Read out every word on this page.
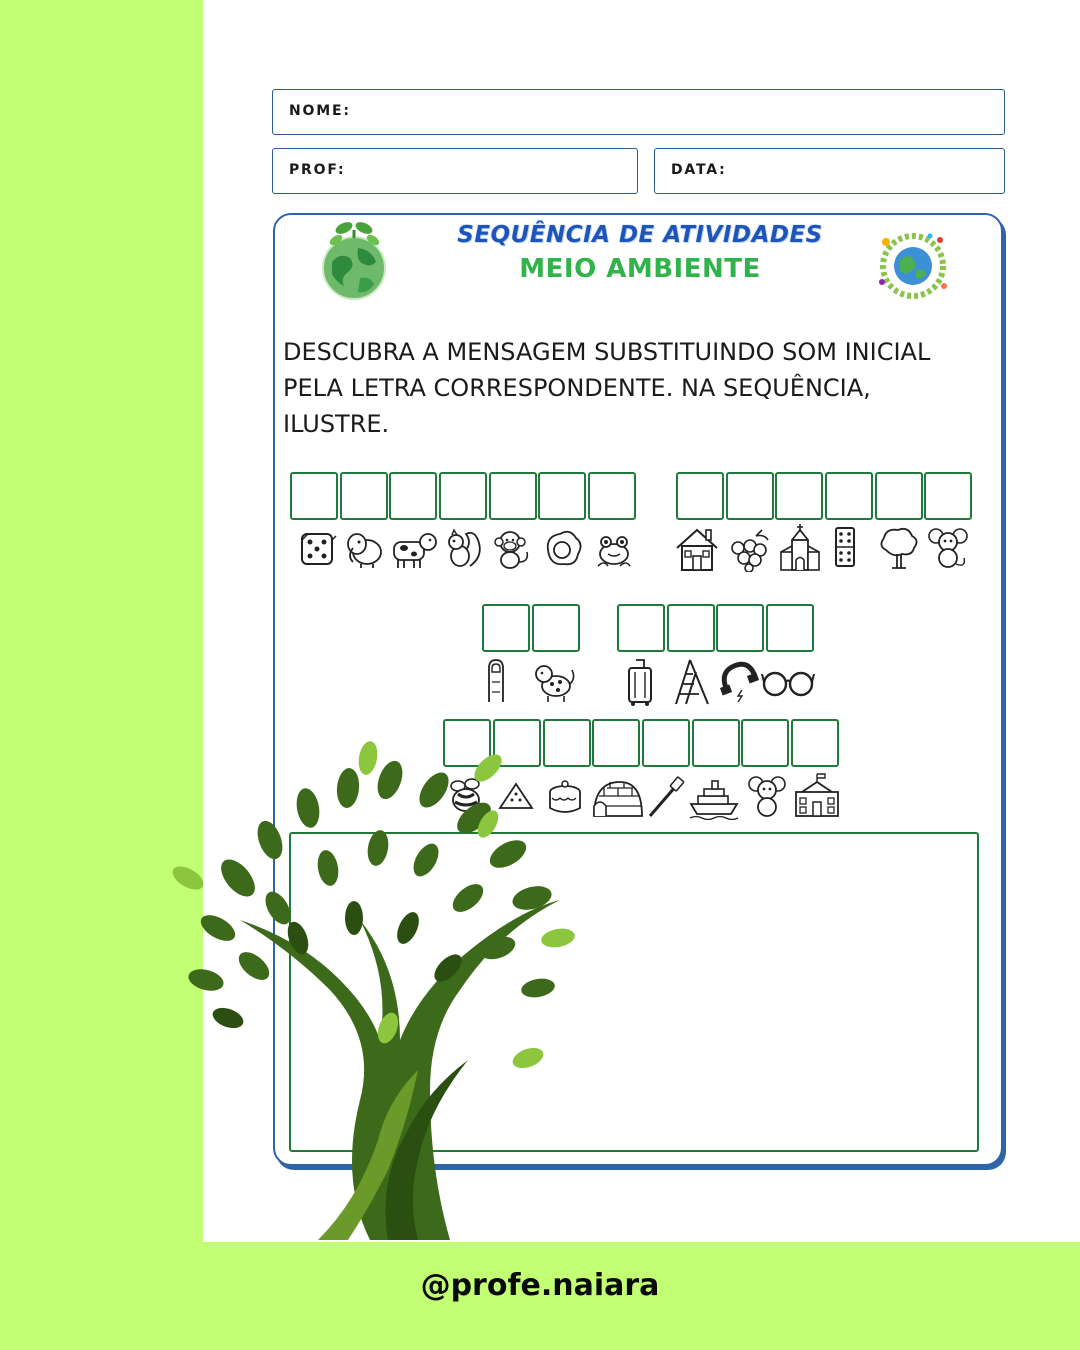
NOME:
PROF:	DATA:
SEQUÊNCIA DE ATIVIDADES
MEIO AMBIENTE
DESCUBRA A MENSAGEM SUBSTITUINDO SOM INICIAL PELA LETRA CORRESPONDENTE. NA SEQUÊNCIA, ILUSTRE.
@profe.naiara
